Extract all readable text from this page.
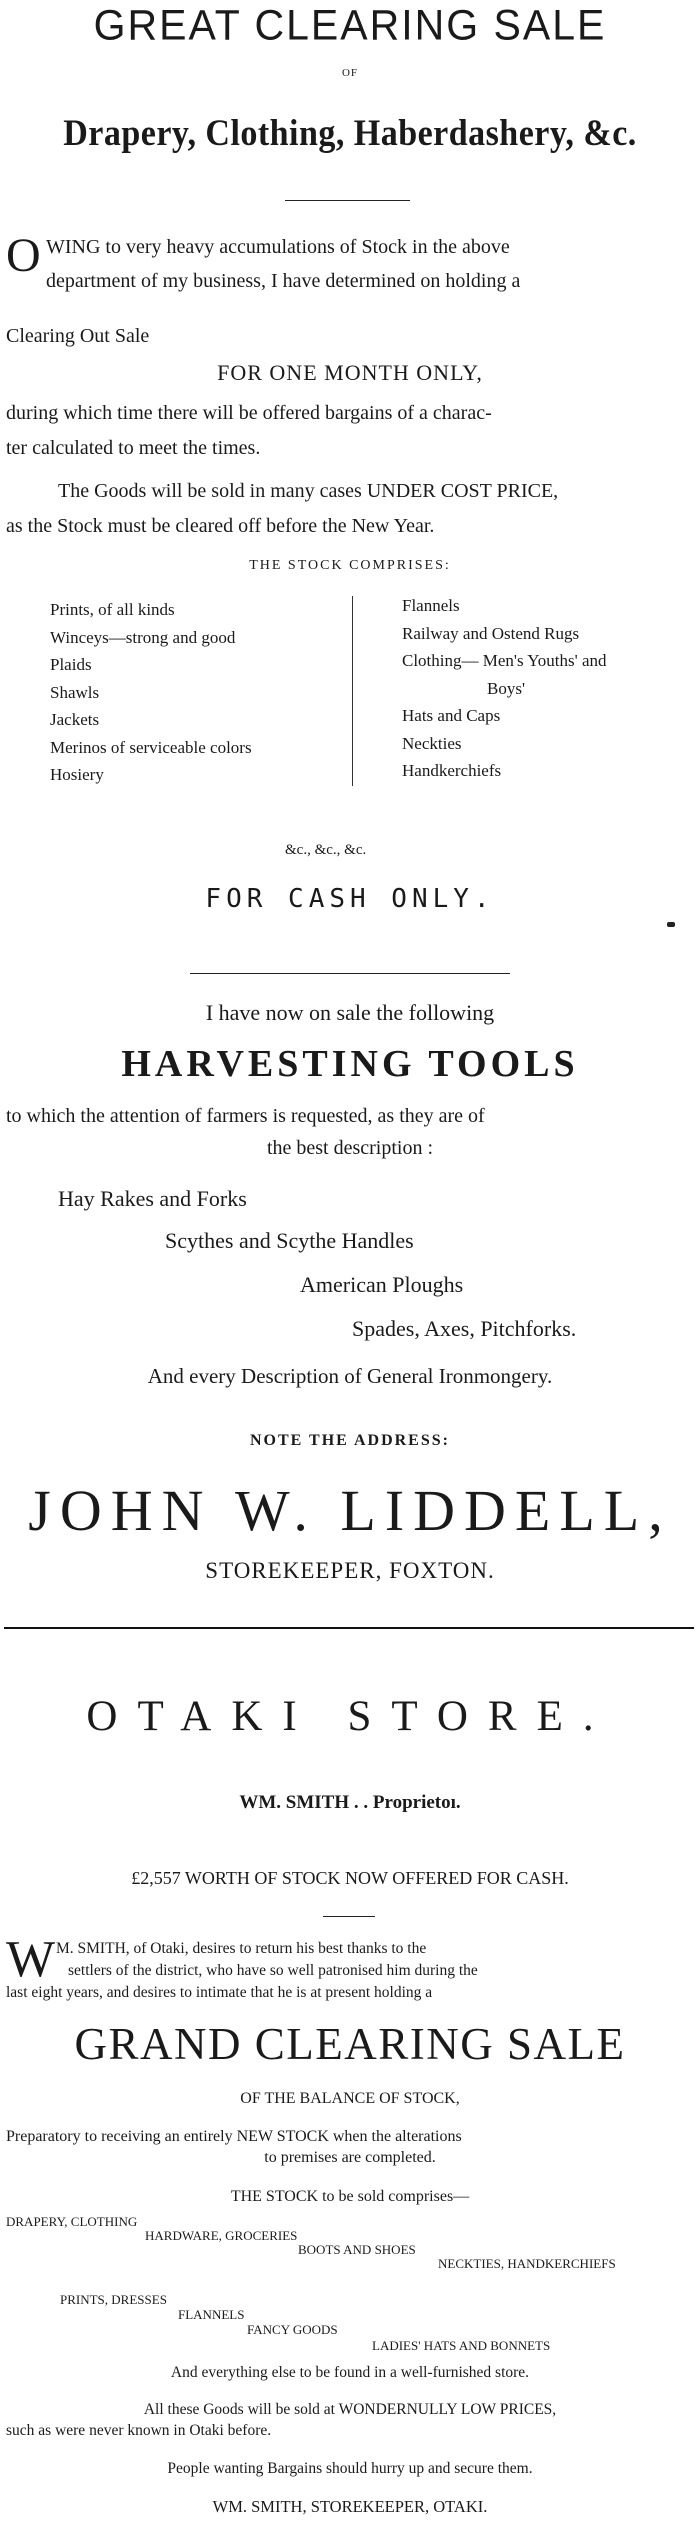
GREAT CLEARING SALE
OF
Drapery, Clothing, Haberdashery, &c.
O WING to very heavy accumulations of Stock in the above
department of my business, I have determined on holding a
Clearing Out Sale
FOR ONE MONTH ONLY,
during which time there will be offered bargains of a charac-
ter calculated to meet the times.
The Goods will be sold in many cases UNDER COST PRICE,
as the Stock must be cleared off before the New Year.
THE STOCK COMPRISES:
Prints, of all kinds
Winceys—strong and good
Plaids
Shawls
Jackets
Merinos of serviceable colors
Hosiery
Flannels
Railway and Ostend Rugs
Clothing— Men's Youths' and
Boys'
Hats and Caps
Neckties
Handkerchiefs
&c., &c., &c.
FOR CASH ONLY.
I have now on sale the following
HARVESTING TOOLS
to which the attention of farmers is requested, as they are of
the best description :
Hay Rakes and Forks
Scythes and Scythe Handles
American Ploughs
Spades, Axes, Pitchforks.
And every Description of General Ironmongery.
NOTE THE ADDRESS:
JOHN W. LIDDELL,
STOREKEEPER, FOXTON.
OTAKI STORE.
WM. SMITH . . Proprietoı.
£2,557 WORTH OF STOCK NOW OFFERED FOR CASH.
W M. SMITH, of Otaki, desires to return his best thanks to the
settlers of the district, who have so well patronised him during the
last eight years, and desires to intimate that he is at present holding a
GRAND CLEARING SALE
OF THE BALANCE OF STOCK,
Preparatory to receiving an entirely NEW STOCK when the alterations
to premises are completed.
THE STOCK to be sold comprises—
DRAPERY, CLOTHING
HARDWARE, GROCERIES
BOOTS AND SHOES
NECKTIES, HANDKERCHIEFS
PRINTS, DRESSES
FLANNELS
FANCY GOODS
LADIES' HATS AND BONNETS
And everything else to be found in a well-furnished store.
All these Goods will be sold at WONDERNULLY LOW PRICES,
such as were never known in Otaki before.
People wanting Bargains should hurry up and secure them.
WM. SMITH, STOREKEEPER, OTAKI.
